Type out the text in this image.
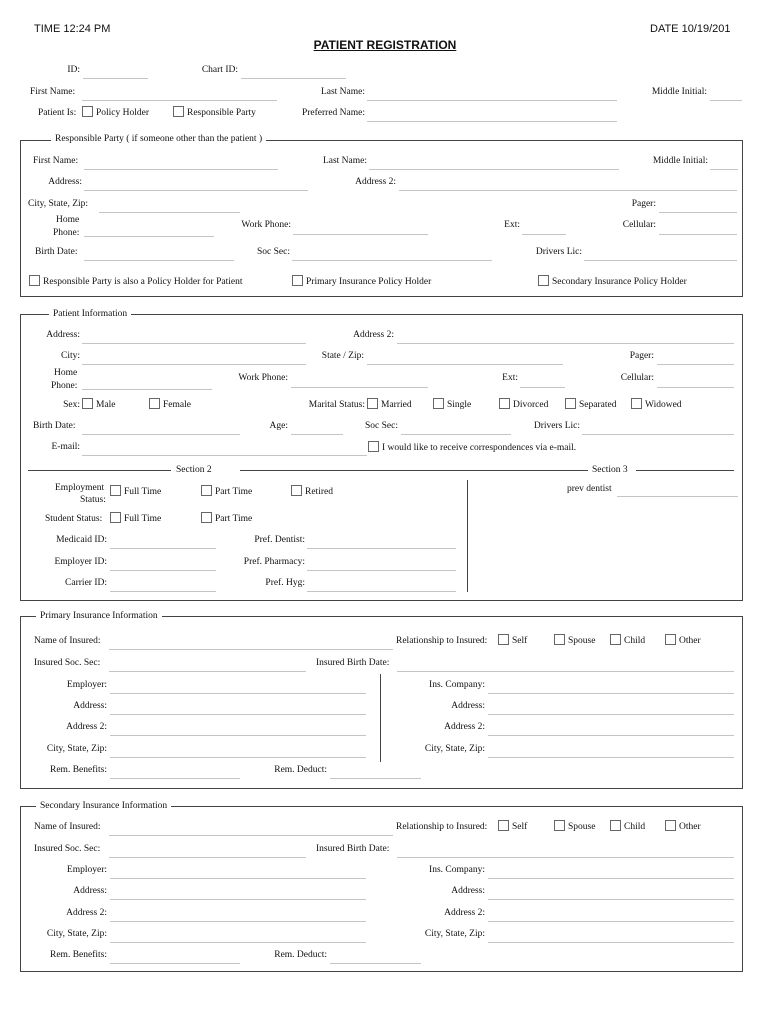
TIME 12:24 PM	DATE 10/19/201
PATIENT REGISTRATION
ID:	Chart ID:
First Name:	Last Name:	Middle Initial:
Patient Is: Policy Holder	Responsible Party	Preferred Name:
Responsible Party ( if someone other than the patient )
First Name:	Last Name:	Middle Initial:
Address:	Address 2:
City, State, Zip:	Pager:
Home
Phone:
Work Phone:	Ext:	Cellular:
Birth Date:	Soc Sec:	Drivers Lic:
Responsible Party is also a Policy Holder for Patient	Primary Insurance Policy Holder	Secondary Insurance Policy Holder
Patient Information
Address:	Address 2:
City:	State / Zip:	Pager:
Home
Phone:
Work Phone:	Ext:	Cellular:
Sex: Male	Female	Marital Status: Married	Single	Divorced	Separated	Widowed
Birth Date:	Age:	Soc Sec:	Drivers Lic:
E-mail:	I would like to receive correspondences via e-mail.
Section 2	Section 3
Employment
Status:
Full Time	Part Time	Retired	prev dentist
Student Status: Full Time	Part Time
Medicaid ID:	Pref. Dentist:
Employer ID:	Pref. Pharmacy:
Carrier ID:	Pref. Hyg:
Primary Insurance Information
Name of Insured:	Relationship to Insured:	Self	Spouse	Child	Other
Insured Soc. Sec:	Insured Birth Date:
Employer:	Ins. Company:
Address:	Address:
Address 2:	Address 2:
City, State, Zip:	City, State, Zip:
Rem. Benefits:	Rem. Deduct:
Secondary Insurance Information
Name of Insured:	Relationship to Insured:	Self	Spouse	Child	Other
Insured Soc. Sec:	Insured Birth Date:
Employer:	Ins. Company:
Address:	Address:
Address 2:	Address 2:
City, State, Zip:	City, State, Zip:
Rem. Benefits:	Rem. Deduct:
